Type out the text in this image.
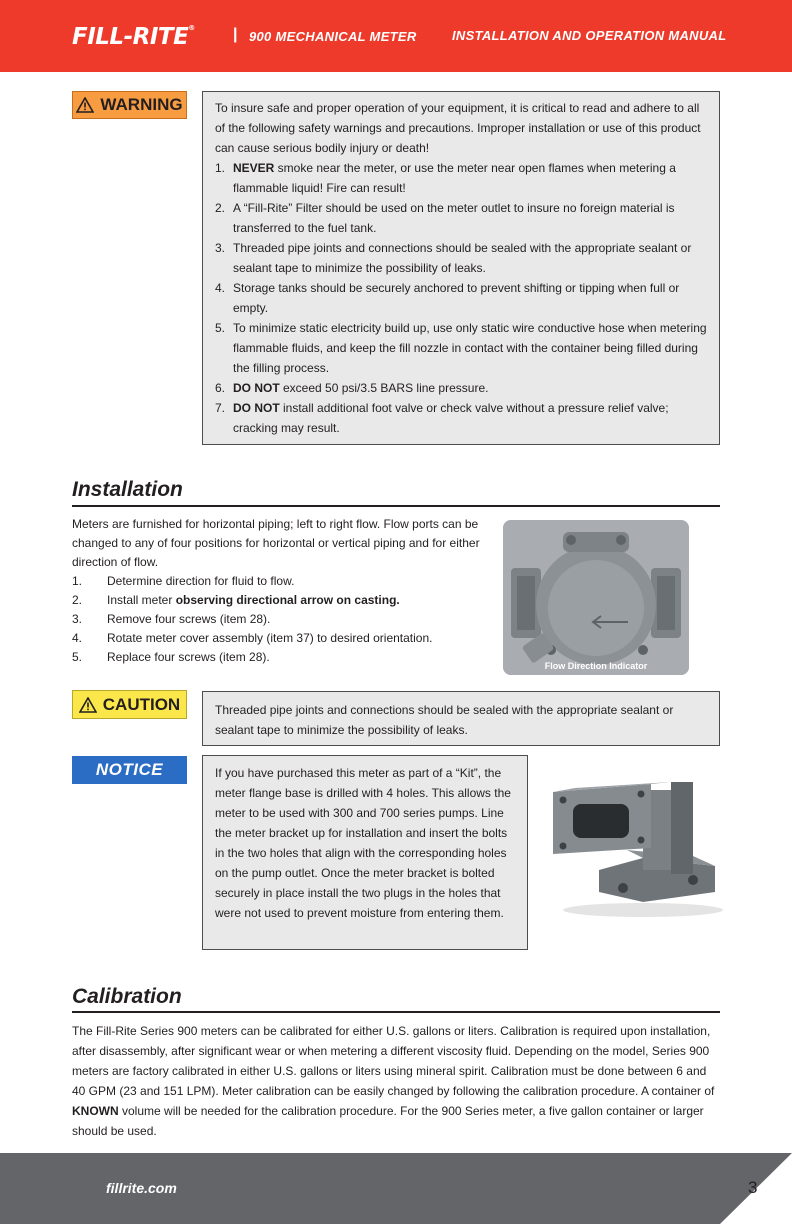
FILL-RITE® | 900 MECHANICAL METER	INSTALLATION AND OPERATION MANUAL
WARNING	To insure safe and proper operation of your equipment, it is critical to read and adhere to all of the following safety warnings and precautions. Improper installation or use of this product can cause serious bodily injury or death!
1. NEVER smoke near the meter, or use the meter near open flames when metering a flammable liquid! Fire can result!
2. A “Fill-Rite” Filter should be used on the meter outlet to insure no foreign material is transferred to the fuel tank.
3. Threaded pipe joints and connections should be sealed with the appropriate sealant or sealant tape to minimize the possibility of leaks.
4. Storage tanks should be securely anchored to prevent shifting or tipping when full or empty.
5. To minimize static electricity build up, use only static wire conductive hose when metering flammable fluids, and keep the fill nozzle in contact with the container being filled during the filling process.
6. DO NOT exceed 50 psi/3.5 BARS line pressure.
7. DO NOT install additional foot valve or check valve without a pressure relief valve; cracking may result.
Installation
Meters are furnished for horizontal piping; left to right flow. Flow ports can be changed to any of four positions for horizontal or vertical piping and for either direction of flow.
1. Determine direction for fluid to flow.
2. Install meter observing directional arrow on casting.
3. Remove four screws (item 28).
4. Rotate meter cover assembly (item 37) to desired orientation.
5. Replace four screws (item 28).
Flow Direction Indicator
CAUTION	Threaded pipe joints and connections should be sealed with the appropriate sealant or sealant tape to minimize the possibility of leaks.
NOTICE	If you have purchased this meter as part of a “Kit”, the meter flange base is drilled with 4 holes. This allows the meter to be used with 300 and 700 series pumps. Line the meter bracket up for installation and insert the bolts in the two holes that align with the corresponding holes on the pump outlet. Once the meter bracket is bolted securely in place install the two plugs in the holes that were not used to prevent moisture from entering them.
Calibration
The Fill-Rite Series 900 meters can be calibrated for either U.S. gallons or liters. Calibration is required upon installation, after disassembly, after significant wear or when metering a different viscosity fluid. Depending on the model, Series 900 meters are factory calibrated in either U.S. gallons or liters using mineral spirit. Calibration must be done between 6 and 40 GPM (23 and 151 LPM). Meter calibration can be easily changed by following the calibration procedure. A container of KNOWN volume will be needed for the calibration procedure. For the 900 Series meter, a five gallon container or larger should be used.
fillrite.com	3
